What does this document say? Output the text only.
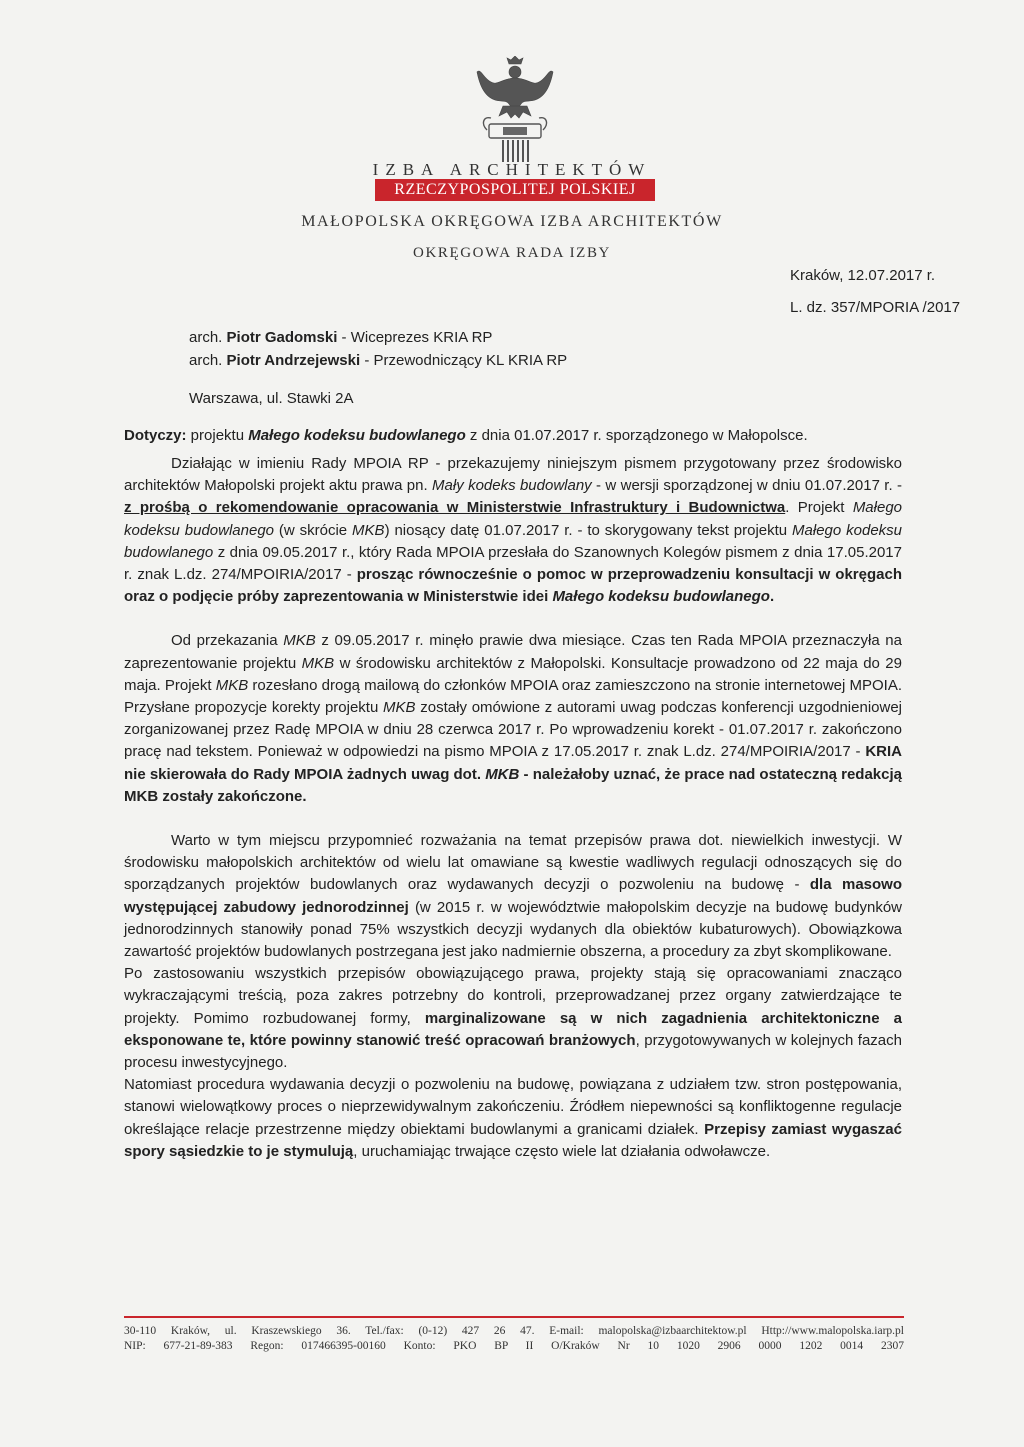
IZBA ARCHITEKTÓW
RZECZYPOSPOLITEJ POLSKIEJ
MAŁOPOLSKA OKRĘGOWA IZBA ARCHITEKTÓW
OKRĘGOWA RADA IZBY
Kraków, 12.07.2017 r.
L. dz. 357/MPORIA /2017
arch. Piotr Gadomski - Wiceprezes KRIA RP
arch. Piotr Andrzejewski - Przewodniczący KL KRIA RP
Warszawa, ul. Stawki 2A
Dotyczy: projektu Małego kodeksu budowlanego z dnia 01.07.2017 r. sporządzonego w Małopolsce.

Działając w imieniu Rady MPOIA RP - przekazujemy niniejszym pismem przygotowany przez środowisko architektów Małopolski projekt aktu prawa pn. Mały kodeks budowlany - w wersji sporządzonej w dniu 01.07.2017 r. - z prośbą o rekomendowanie opracowania w Ministerstwie Infrastruktury i Budownictwa. Projekt Małego kodeksu budowlanego (w skrócie MKB) niosący datę 01.07.2017 r. - to skorygowany tekst projektu Małego kodeksu budowlanego z dnia 09.05.2017 r., który Rada MPOIA przesłała do Szanownych Kolegów pismem z dnia 17.05.2017 r. znak L.dz. 274/MPOIRIA/2017 - prosząc równocześnie o pomoc w przeprowadzeniu konsultacji w okręgach oraz o podjęcie próby zaprezentowania w Ministerstwie idei Małego kodeksu budowlanego.

Od przekazania MKB z 09.05.2017 r. minęło prawie dwa miesiące. Czas ten Rada MPOIA przeznaczyła na zaprezentowanie projektu MKB w środowisku architektów z Małopolski. Konsultacje prowadzono od 22 maja do 29 maja. Projekt MKB rozesłano drogą mailową do członków MPOIA oraz zamieszczono na stronie internetowej MPOIA. Przysłane propozycje korekty projektu MKB zostały omówione z autorami uwag podczas konferencji uzgodnieniowej zorganizowanej przez Radę MPOIA w dniu 28 czerwca 2017 r. Po wprowadzeniu korekt - 01.07.2017 r. zakończono pracę nad tekstem. Ponieważ w odpowiedzi na pismo MPOIA z 17.05.2017 r. znak L.dz. 274/MPOIRIA/2017 - KRIA nie skierowała do Rady MPOIA żadnych uwag dot. MKB - należałoby uznać, że prace nad ostateczną redakcją MKB zostały zakończone.

Warto w tym miejscu przypomnieć rozważania na temat przepisów prawa dot. niewielkich inwestycji. W środowisku małopolskich architektów od wielu lat omawiane są kwestie wadliwych regulacji odnoszących się do sporządzanych projektów budowlanych oraz wydawanych decyzji o pozwoleniu na budowę - dla masowo występującej zabudowy jednorodzinnej (w 2015 r. w województwie małopolskim decyzje na budowę budynków jednorodzinnych stanowiły ponad 75% wszystkich decyzji wydanych dla obiektów kubaturowych). Obowiązkowa zawartość projektów budowlanych postrzegana jest jako nadmiernie obszerna, a procedury za zbyt skomplikowane.

Po zastosowaniu wszystkich przepisów obowiązującego prawa, projekty stają się opracowaniami znacząco wykraczającymi treścią, poza zakres potrzebny do kontroli, przeprowadzanej przez organy zatwierdzające te projekty. Pomimo rozbudowanej formy, marginalizowane są w nich zagadnienia architektoniczne a eksponowane te, które powinny stanowić treść opracowań branżowych, przygotowywanych w kolejnych fazach procesu inwestycyjnego.

Natomiast procedura wydawania decyzji o pozwoleniu na budowę, powiązana z udziałem tzw. stron postępowania, stanowi wielowątkowy proces o nieprzewidywalnym zakończeniu. Źródłem niepewności są konfliktogenne regulacje określające relacje przestrzenne między obiektami budowlanymi a granicami działek. Przepisy zamiast wygaszać spory sąsiedzkie to je stymulują, uruchamiając trwające często wiele lat działania odwoławcze.

30-110 Kraków, ul. Kraszewskiego 36. Tel./fax: (0-12) 427 26 47. E-mail: malopolska@izbaarchitektow.pl Http://www.malopolska.iarp.pl
NIP: 677-21-89-383 Regon: 017466395-00160 Konto: PKO BP II O/Kraków Nr 10 1020 2906 0000 1202 0014 2307
